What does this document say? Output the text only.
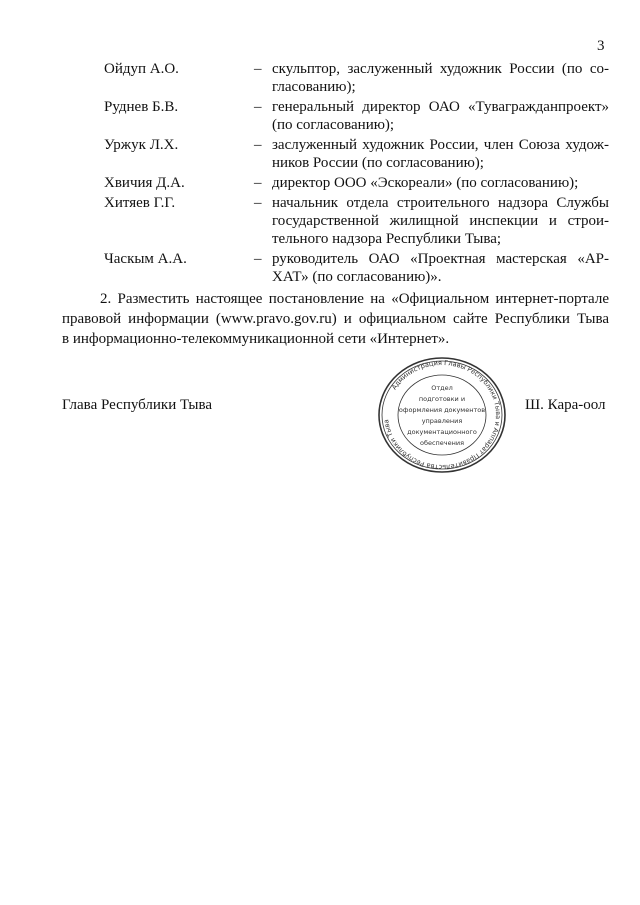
3
Ойдуп А.О.	– скульптор, заслуженный художник России (по со-
гласованию);
Руднев Б.В.	– генеральный директор ОАО «Тувагражданпроект»
(по согласованию);
Уржук Л.Х.	– заслуженный художник России, член Союза худож-
ников России (по согласованию);
Хвичия Д.А.	– директор ООО «Эскореали» (по согласованию);
Хитяев Г.Г.	– начальник отдела строительного надзора Службы
государственной жилищной инспекции и строи-
тельного надзора Республики Тыва;
Часкым А.А.	– руководитель ОАО «Проектная мастерская «АР-
ХАТ» (по согласованию)».
2. Разместить настоящее постановление на «Официальном интернет-портале
правовой информации (www.pravo.gov.ru) и официальном сайте Республики Тыва
в информационно-телекоммуникационной сети «Интернет».
Глава Республики Тыва
Администрация Главы Республики Тыва и Аппарат Правительства Республики Тыва
Отдел
подготовки и
оформления документов
управления
документационного
обеспечения
Ш. Кара-оол
